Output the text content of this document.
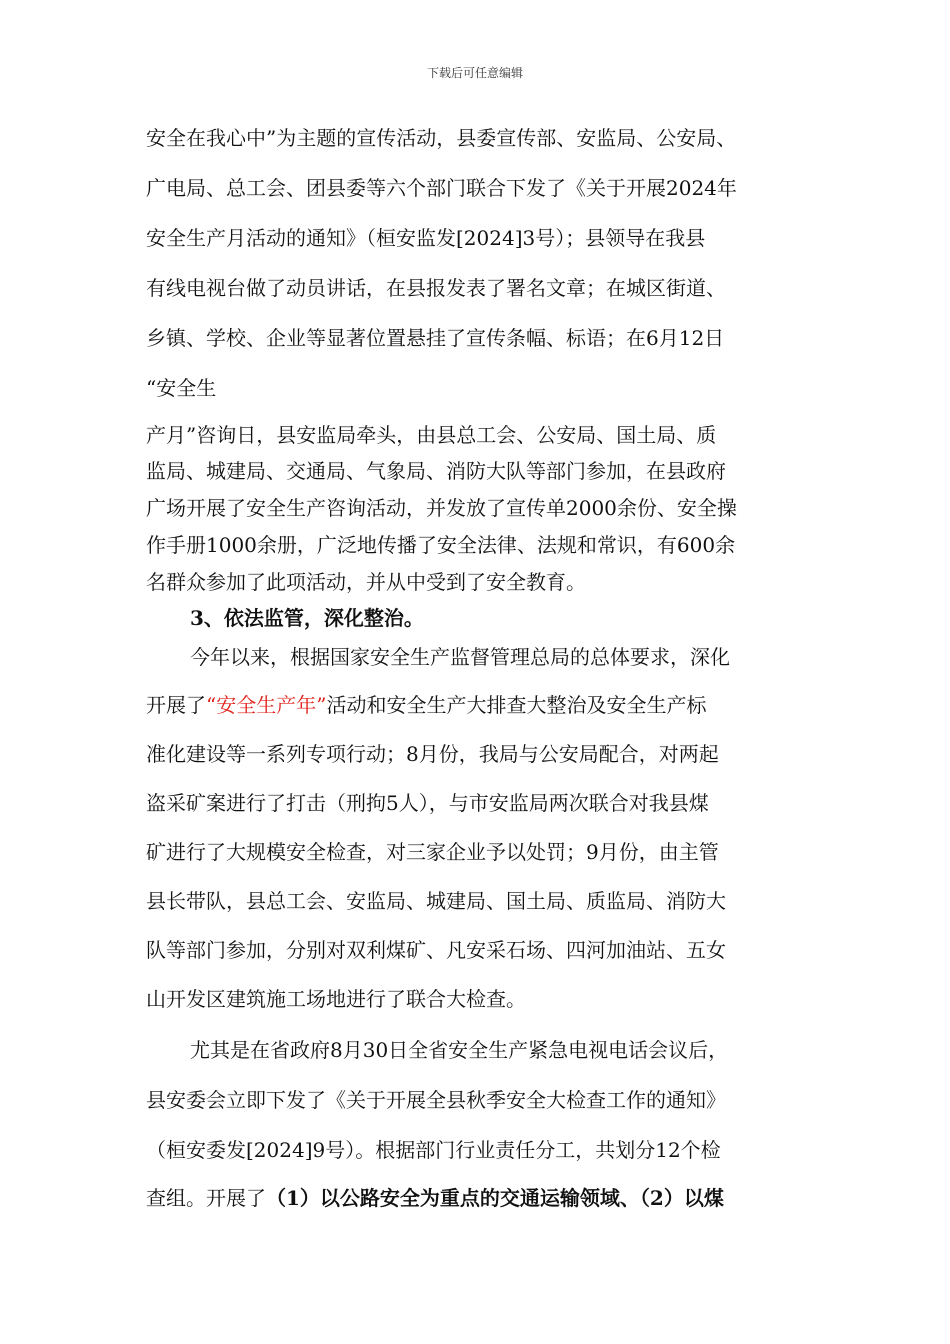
下载后可任意编辑
安全在我心中”为主题的宣传活动，县委宣传部、安监局、公安局、
广电局、总工会、团县委等六个部门联合下发了《关于开展2024年
安全生产月活动的通知》（桓安监发[2024]3号）；县领导在我县
有线电视台做了动员讲话，在县报发表了署名文章；在城区街道、
乡镇、学校、企业等显著位置悬挂了宣传条幅、标语；在6月12日
“安全生
产月”咨询日，县安监局牵头，由县总工会、公安局、国土局、质
监局、城建局、交通局、气象局、消防大队等部门参加，在县政府
广场开展了安全生产咨询活动，并发放了宣传单2000余份、安全操
作手册1000余册，广泛地传播了安全法律、法规和常识，有600余
名群众参加了此项活动，并从中受到了安全教育。
3、依法监管，深化整治。
今年以来，根据国家安全生产监督管理总局的总体要求，深化
开展了“安全生产年”活动和安全生产大排查大整治及安全生产标
准化建设等一系列专项行动；8月份，我局与公安局配合，对两起
盗采矿案进行了打击（刑拘5人），与市安监局两次联合对我县煤
矿进行了大规模安全检查，对三家企业予以处罚；9月份，由主管
县长带队，县总工会、安监局、城建局、国土局、质监局、消防大
队等部门参加，分别对双利煤矿、凡安采石场、四河加油站、五女
山开发区建筑施工场地进行了联合大检查。
尤其是在省政府8月30日全省安全生产紧急电视电话会议后，
县安委会立即下发了《关于开展全县秋季安全大检查工作的通知》
（桓安委发[2024]9号）。根据部门行业责任分工，共划分12个检
查组。开展了（1）以公路安全为重点的交通运输领域、（2）以煤
